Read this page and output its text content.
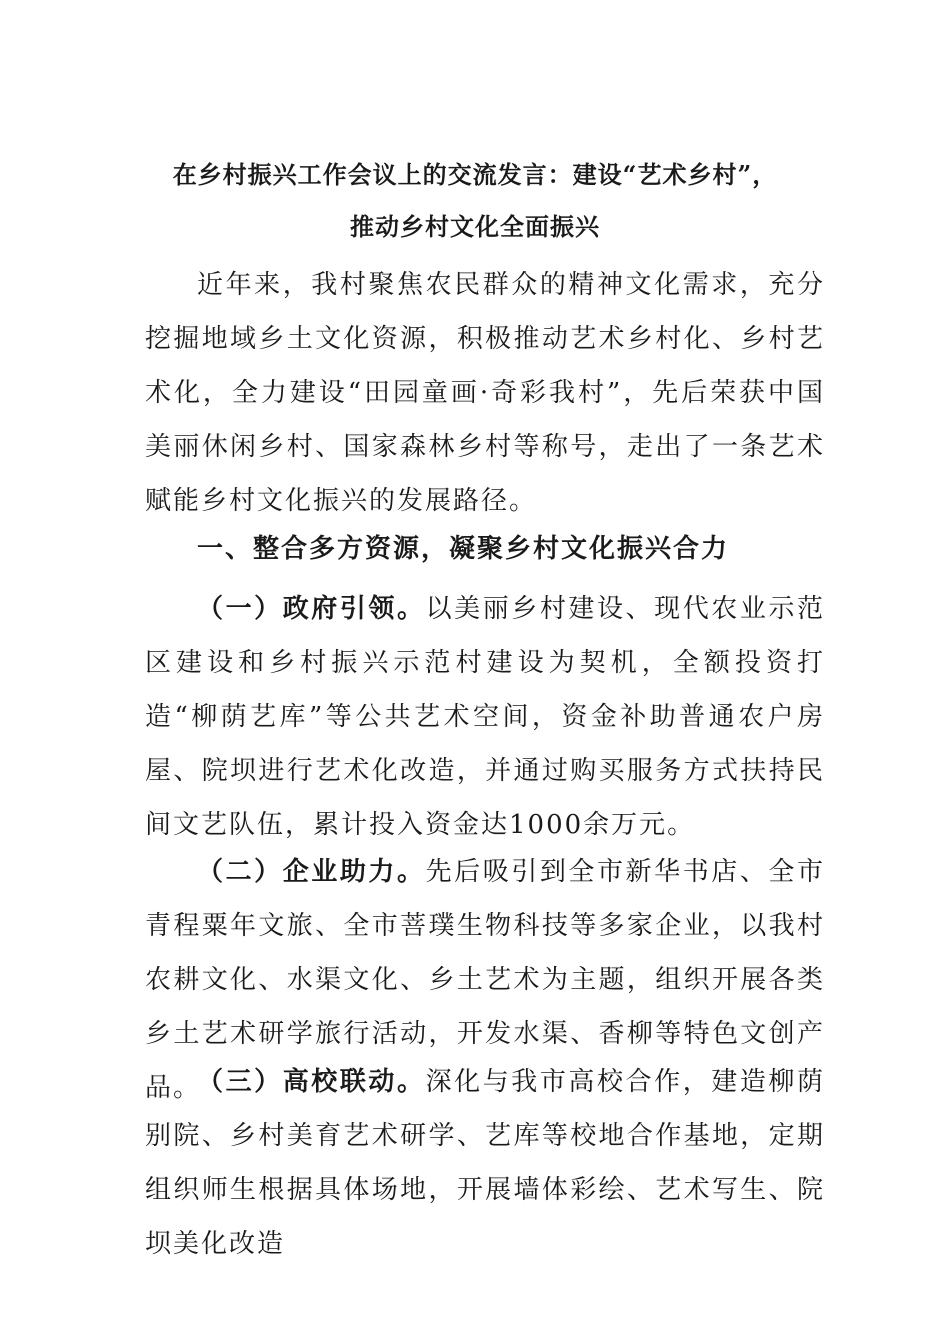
在乡村振兴工作会议上的交流发言：建设“艺术乡村”，
推动乡村文化全面振兴

近年来，我村聚焦农民群众的精神文化需求，充分挖掘地域乡土文化资源，积极推动艺术乡村化、乡村艺术化，全力建设“田园童画·奇彩我村”，先后荣获中国美丽休闲乡村、国家森林乡村等称号，走出了一条艺术赋能乡村文化振兴的发展路径。

一、整合多方资源，凝聚乡村文化振兴合力

（一）政府引领。以美丽乡村建设、现代农业示范区建设和乡村振兴示范村建设为契机，全额投资打造“柳荫艺库”等公共艺术空间，资金补助普通农户房屋、院坝进行艺术化改造，并通过购买服务方式扶持民间文艺队伍，累计投入资金达1000余万元。

（二）企业助力。先后吸引到全市新华书店、全市青程粟年文旅、全市菩璞生物科技等多家企业，以我村农耕文化、水渠文化、乡土艺术为主题，组织开展各类乡土艺术研学旅行活动，开发水渠、香柳等特色文创产品。

（三）高校联动。深化与我市高校合作，建造柳荫别院、乡村美育艺术研学、艺库等校地合作基地，定期组织师生根据具体场地，开展墙体彩绘、艺术写生、院坝美化改造
